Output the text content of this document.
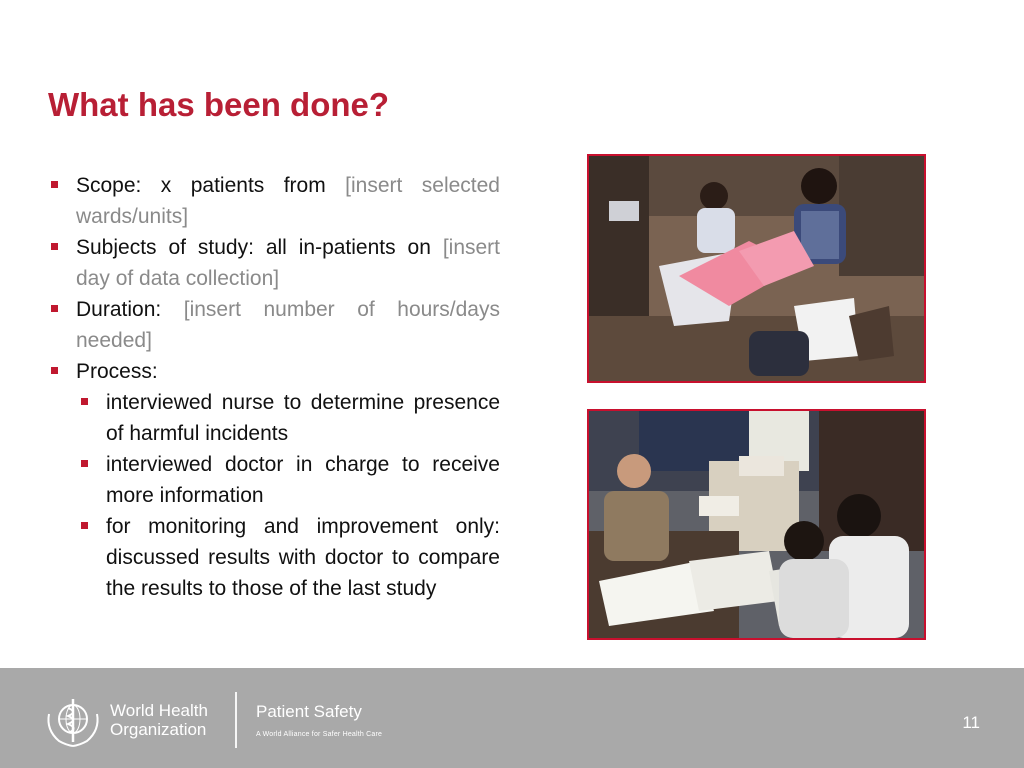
What has been done?
Scope: x patients from [insert selected wards/units]
Subjects of study: all in-patients on [insert day of data collection]
Duration: [insert number of hours/days needed]
Process:
interviewed nurse to determine presence of harmful incidents
interviewed doctor in charge to receive more information
for monitoring and improvement only: discussed results with doctor to compare the results to those of the last study
World Health
Organization
Patient Safety
A World Alliance for Safer Health Care
11
